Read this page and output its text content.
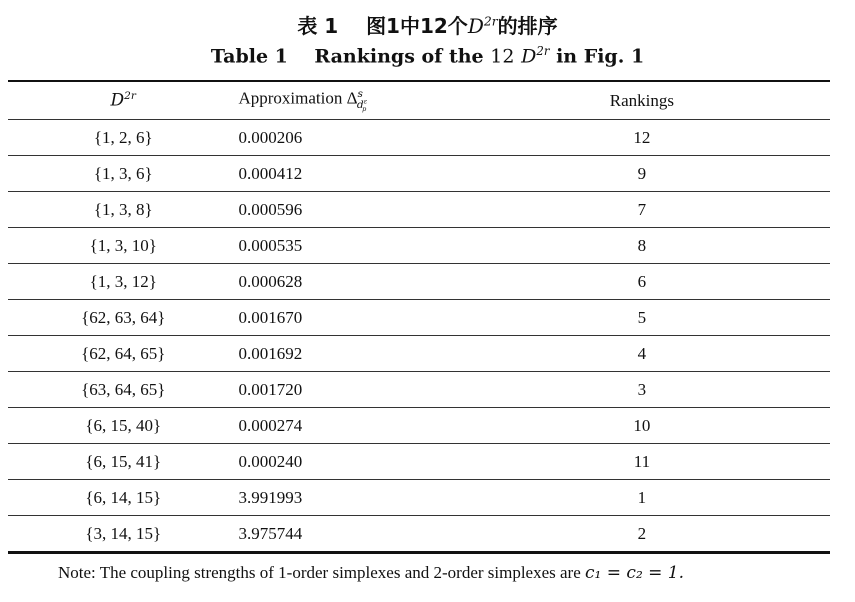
表 1 图1中12个$D^{2r}$的排序
Table 1 Rankings of the 12 $D^{2r}$ in Fig. 1
$D^{2r}$	Approximation $\Delta^s_{d^\varepsilon_p}$	Rankings
{1, 2, 6}	0.000206	12
{1, 3, 6}	0.000412	9
{1, 3, 8}	0.000596	7
{1, 3, 10}	0.000535	8
{1, 3, 12}	0.000628	6
{62, 63, 64}	0.001670	5
{62, 64, 65}	0.001692	4
{63, 64, 65}	0.001720	3
{6, 15, 40}	0.000274	10
{6, 15, 41}	0.000240	11
{6, 14, 15}	3.991993	1
{3, 14, 15}	3.975744	2
Note: The coupling strengths of 1-order simplexes and 2-order simplexes are c₁ = c₂ = 1.
